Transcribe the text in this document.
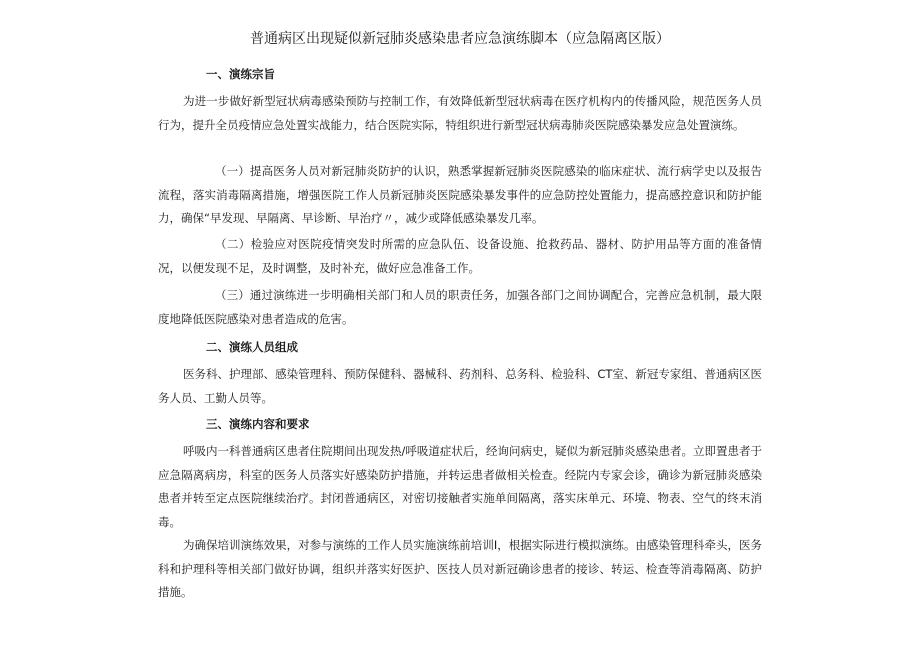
普通病区出现疑似新冠肺炎感染患者应急演练脚本（应急隔离区版）
一、演练宗旨

为进一步做好新型冠状病毒感染预防与控制工作，有效降低新型冠状病毒在医疗机构内的传播风险，规范医务人员行为，提升全员疫情应急处置实战能力，结合医院实际，特组织进行新型冠状病毒肺炎医院感染暴发应急处置演练。

（一）提高医务人员对新冠肺炎防护的认识，熟悉掌握新冠肺炎医院感染的临床症状、流行病学史以及报告流程，落实消毒隔离措施，增强医院工作人员新冠肺炎医院感染暴发事件的应急防控处置能力，提高感控意识和防护能力，确保“早发现、早隔离、早诊断、早治疗〃，减少或降低感染暴发几率。

（二）检验应对医院疫情突发时所需的应急队伍、设备设施、抢救药品、器材、防护用品等方面的准备情况，以便发现不足，及时调整，及时补充，做好应急准备工作。

（三）通过演练进一步明确相关部门和人员的职责任务，加强各部门之间协调配合，完善应急机制，最大限度地降低医院感染对患者造成的危害。

二、演练人员组成

医务科、护理部、感染管理科、预防保健科、器械科、药剂科、总务科、检验科、CT室、新冠专家组、普通病区医务人员、工勤人员等。

三、演练内容和要求

呼吸内一科普通病区患者住院期间出现发热/呼吸道症状后，经询问病史，疑似为新冠肺炎感染患者。立即置患者于应急隔离病房，科室的医务人员落实好感染防护措施，并转运患者做相关检查。经院内专家会诊，确诊为新冠肺炎感染患者并转至定点医院继续治疗。封闭普通病区，对密切接触者实施单间隔离，落实床单元、环境、物表、空气的终末消毒。

为确保培训演练效果，对参与演练的工作人员实施演练前培训I，根据实际进行模拟演练。由感染管理科牵头，医务科和护理科等相关部门做好协调，组织并落实好医护、医技人员对新冠确诊患者的接诊、转运、检查等消毒隔离、防护措施。
